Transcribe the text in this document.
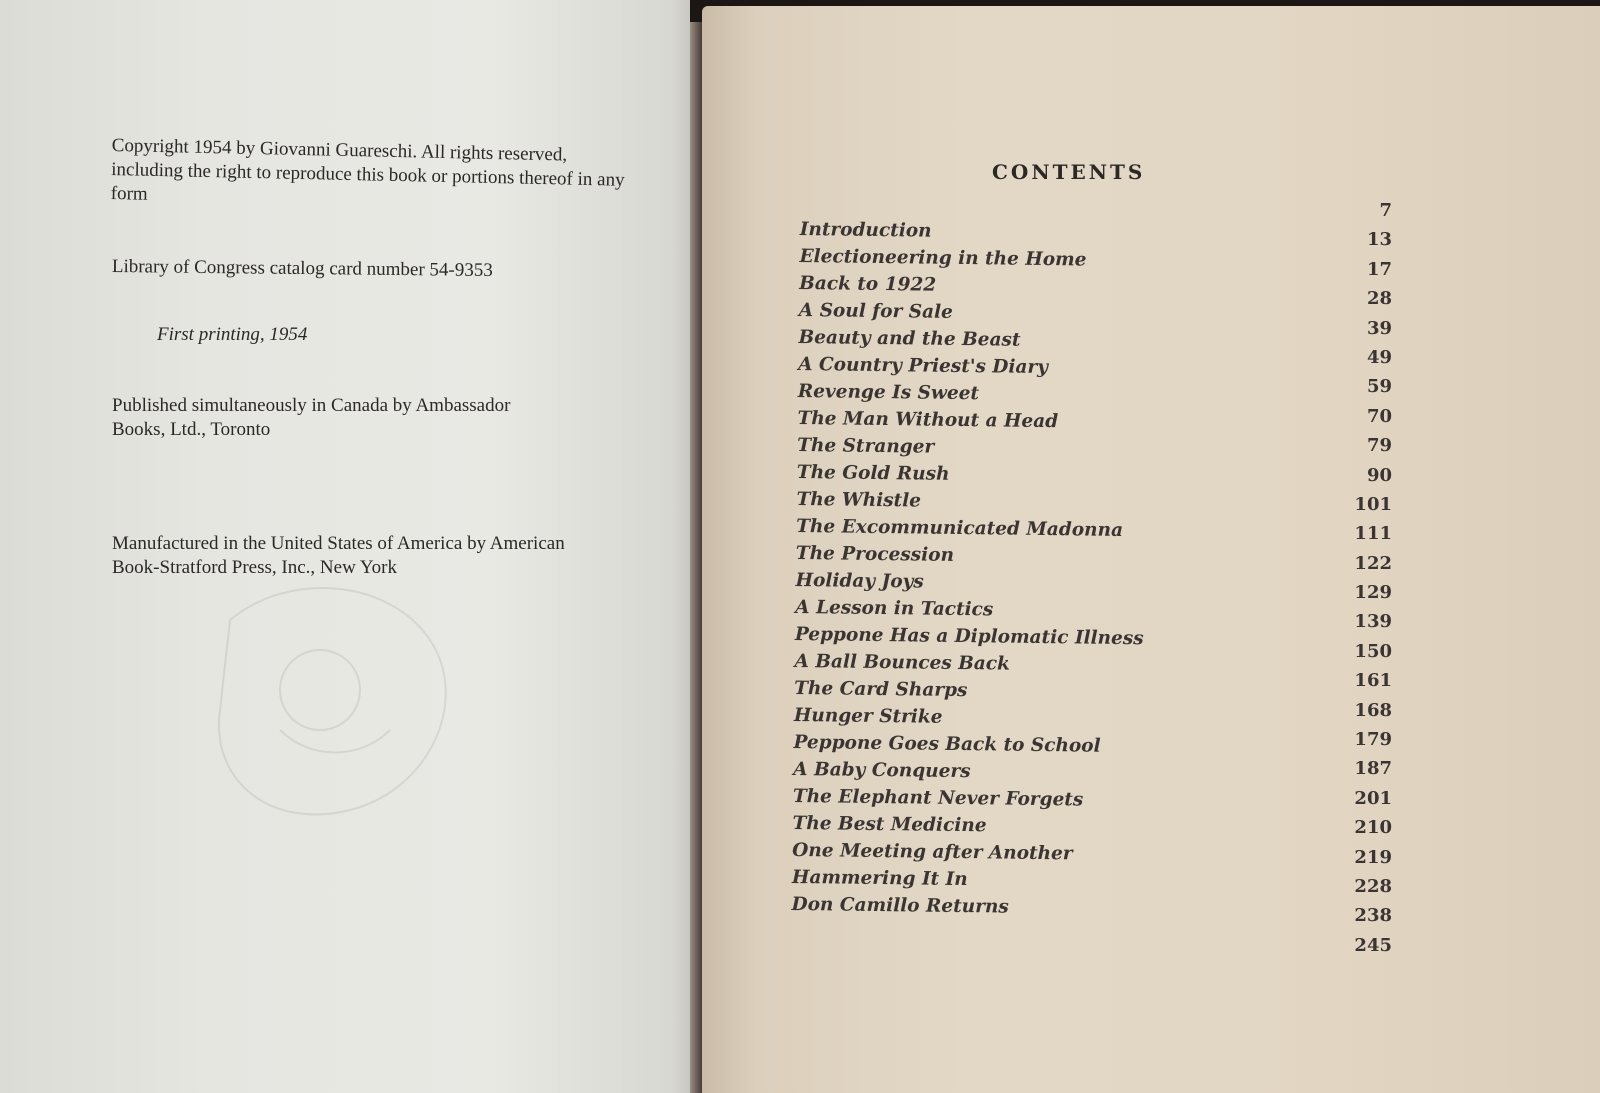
Copyright 1954 by Giovanni Guareschi. All rights reserved, including the right to reproduce this book or portions thereof in any form
Library of Congress catalog card number 54-9353
First printing, 1954
Published simultaneously in Canada by Ambassador Books, Ltd., Toronto
Manufactured in the United States of America by American Book-Stratford Press, Inc., New York
CONTENTS
Introduction
Electioneering in the Home
Back to 1922
A Soul for Sale
Beauty and the Beast
A Country Priest's Diary
Revenge Is Sweet
The Man Without a Head
The Stranger
The Gold Rush
The Whistle
The Excommunicated Madonna
The Procession
Holiday Joys
A Lesson in Tactics
Peppone Has a Diplomatic Illness
A Ball Bounces Back
The Card Sharps
Hunger Strike
Peppone Goes Back to School
A Baby Conquers
The Elephant Never Forgets
The Best Medicine
One Meeting after Another
Hammering It In
Don Camillo Returns
7
13
17
28
39
49
59
70
79
90
101
111
122
129
139
150
161
168
179
187
201
210
219
228
238
245
